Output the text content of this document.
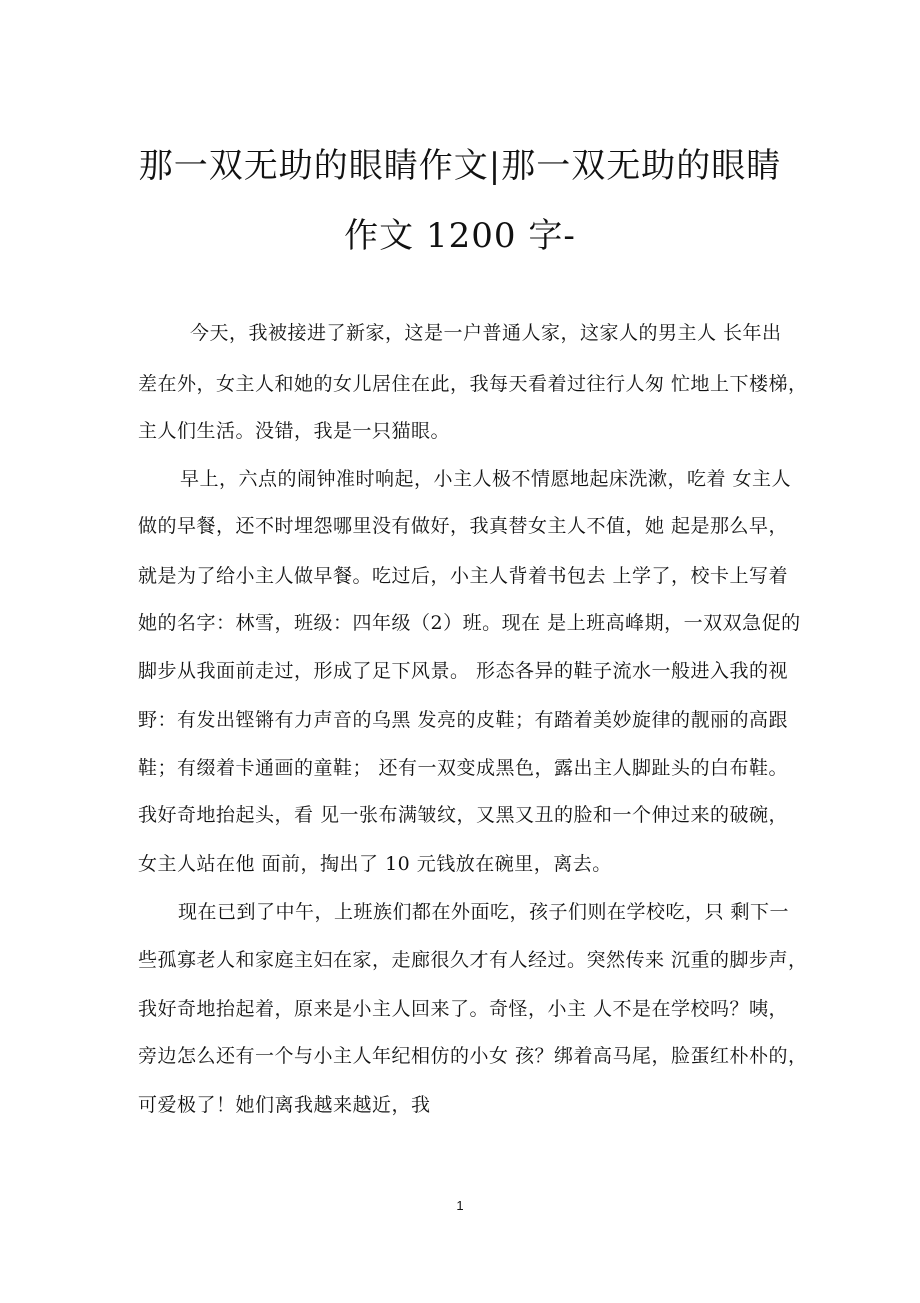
那一双无助的眼睛作文|那一双无助的眼睛
作文 1200 字-
今天，我被接进了新家，这是一户普通人家，这家人的男主人 长年出
差在外，女主人和她的女儿居住在此，我每天看着过往行人匆 忙地上下楼梯，
主人们生活。没错，我是一只猫眼。
早上，六点的闹钟准时响起，小主人极不情愿地起床洗漱，吃着 女主人
做的早餐，还不时埋怨哪里没有做好，我真替女主人不值，她 起是那么早，
就是为了给小主人做早餐。吃过后，小主人背着书包去 上学了，校卡上写着
她的名字：林雪，班级：四年级（2）班。现在 是上班高峰期，一双双急促的
脚步从我面前走过，形成了足下风景。 形态各异的鞋子流水一般进入我的视
野：有发出铿锵有力声音的乌黑 发亮的皮鞋；有踏着美妙旋律的靓丽的高跟
鞋；有缀着卡通画的童鞋； 还有一双变成黑色，露出主人脚趾头的白布鞋。
我好奇地抬起头，看 见一张布满皱纹，又黑又丑的脸和一个伸过来的破碗，
女主人站在他 面前，掏出了 10 元钱放在碗里，离去。
现在已到了中午，上班族们都在外面吃，孩子们则在学校吃，只 剩下一
些孤寡老人和家庭主妇在家，走廊很久才有人经过。突然传来 沉重的脚步声，
我好奇地抬起着，原来是小主人回来了。奇怪，小主 人不是在学校吗？咦，
旁边怎么还有一个与小主人年纪相仿的小女 孩？绑着高马尾，脸蛋红朴朴的，
可爱极了！她们离我越来越近，我
1
